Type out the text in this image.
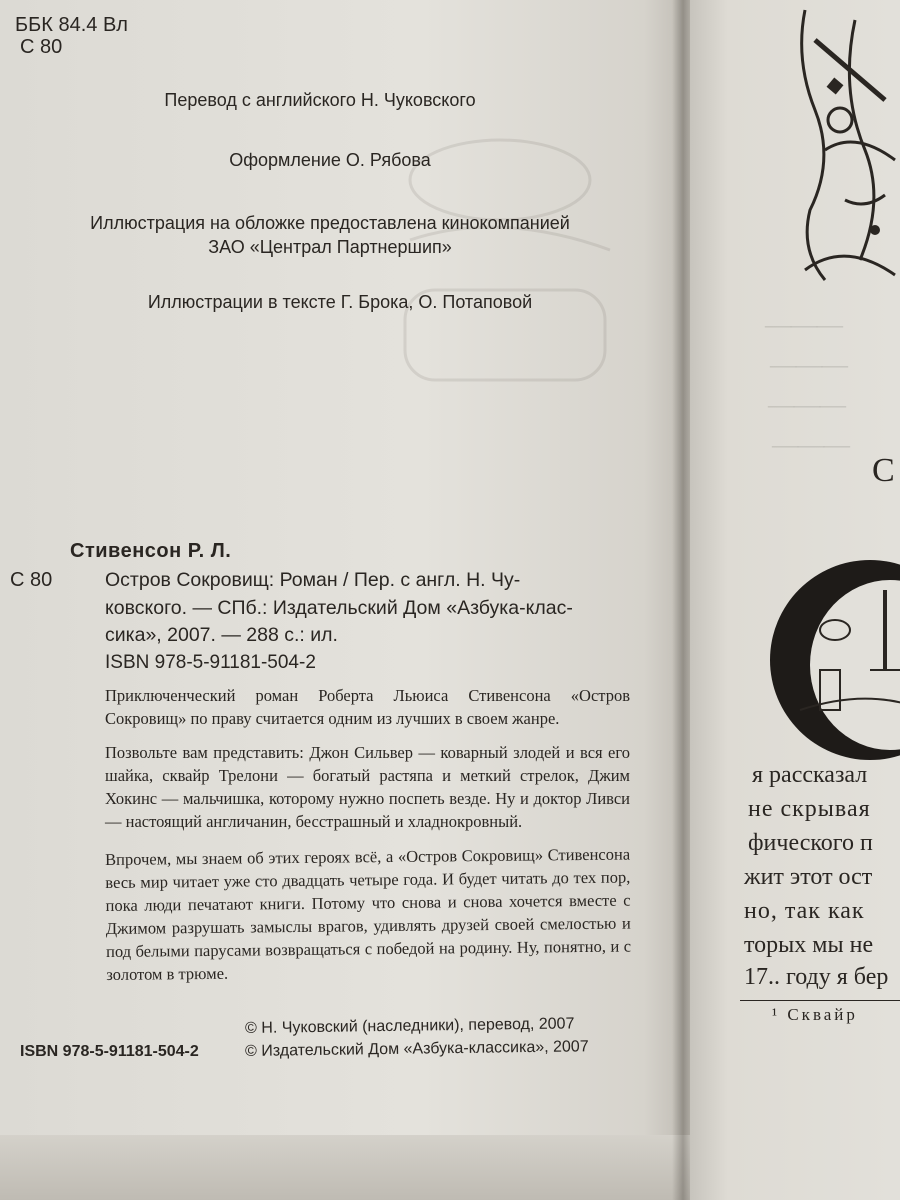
ББК 84.4 Вл
С 80
Перевод с английского Н. Чуковского
Оформление О. Рябова
Иллюстрация на обложке предоставлена кинокомпанией
ЗАО «Централ Партнершип»
Иллюстрации в тексте Г. Брока, О. Потаповой
Стивенсон Р. Л.
С 80	Остров Сокровищ: Роман / Пер. с англ. Н. Чу-
ковского. — СПб.: Издательский Дом «Азбука-клас-
сика», 2007. — 288 с.: ил.
ISBN 978-5-91181-504-2

Приключенческий роман Роберта Льюиса Стивенсона «Остров Сокровищ» по праву считается одним из лучших в своем жанре.

Позвольте вам представить: Джон Сильвер — коварный злодей и вся его шайка, сквайр Трелони — богатый растяпа и меткий стрелок, Джим Хокинс — мальчишка, которому нужно поспеть везде. Ну и доктор Ливси — настоящий англичанин, бесстрашный и хладнокровный.

Впрочем, мы знаем об этих героях всё, а «Остров Сокровищ» Стивенсона весь мир читает уже сто двадцать четыре года. И будет читать до тех пор, пока люди печатают книги. Потому что снова и снова хочется вместе с Джимом разрушать замыслы врагов, удивлять друзей своей смелостью и под белыми парусами возвращаться с победой на родину. Ну, понятно, и с золотом в трюме.

© Н. Чуковский (наследники), перевод, 2007
© Издательский Дом «Азбука-классика», 2007
ISBN 978-5-91181-504-2
———
———
———
———
С
я рассказал
не скрывая
фического п
жит этот ост
но, так как
торых мы не
17.. году я бер
¹ Сквайр
